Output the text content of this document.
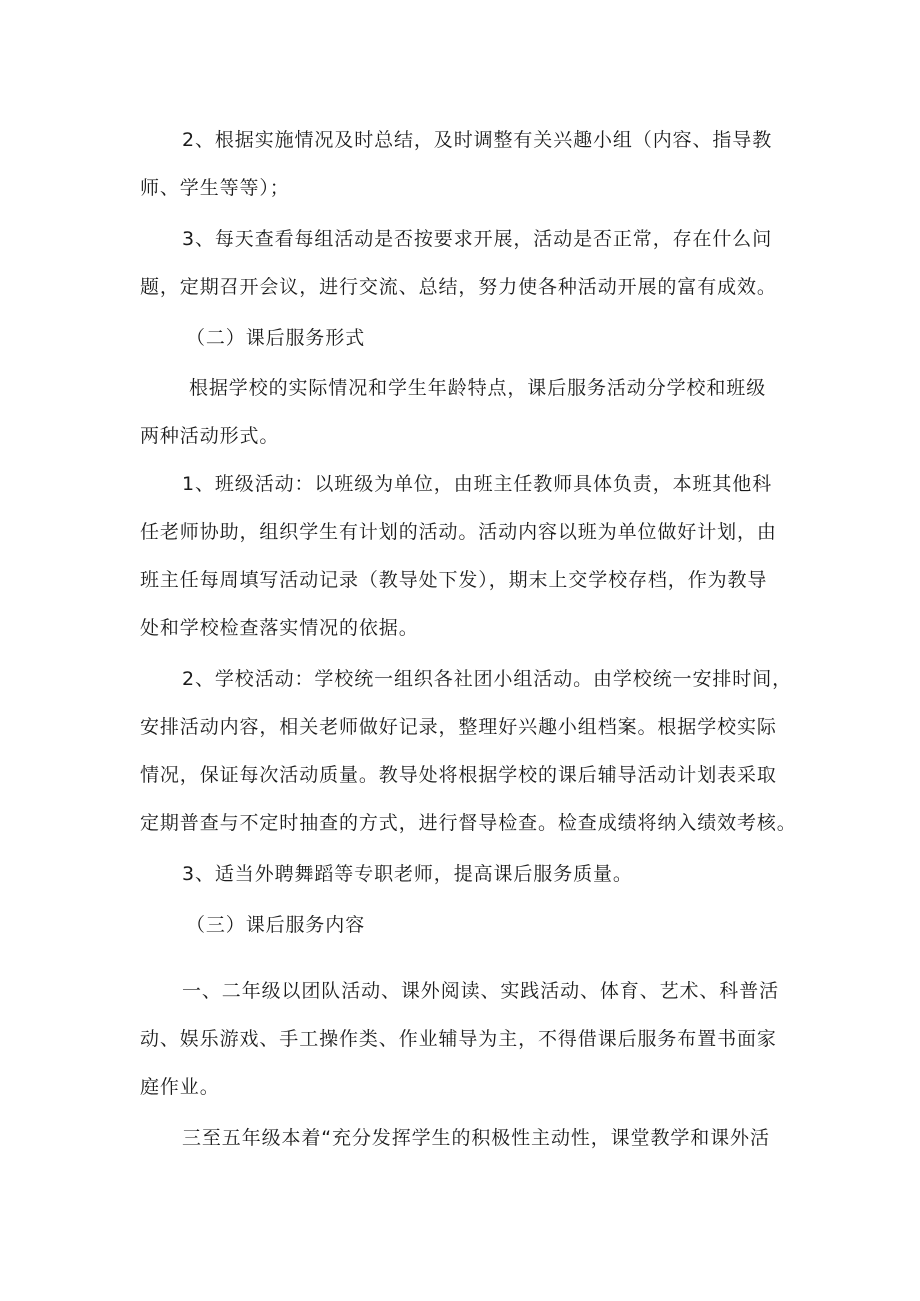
2、根据实施情况及时总结，及时调整有关兴趣小组（内容、指导教

师、学生等等）；

3、每天查看每组活动是否按要求开展，活动是否正常，存在什么问

题，定期召开会议，进行交流、总结，努力使各种活动开展的富有成效。

（二）课后服务形式

根据学校的实际情况和学生年龄特点，课后服务活动分学校和班级

两种活动形式。

1、班级活动：以班级为单位，由班主任教师具体负责，本班其他科

任老师协助，组织学生有计划的活动。活动内容以班为单位做好计划，由

班主任每周填写活动记录（教导处下发），期末上交学校存档，作为教导

处和学校检查落实情况的依据。

2、学校活动：学校统一组织各社团小组活动。由学校统一安排时间，

安排活动内容，相关老师做好记录，整理好兴趣小组档案。根据学校实际

情况，保证每次活动质量。教导处将根据学校的课后辅导活动计划表采取

定期普查与不定时抽查的方式，进行督导检查。检查成绩将纳入绩效考核。

3、适当外聘舞蹈等专职老师，提高课后服务质量。

（三）课后服务内容

一、二年级以团队活动、课外阅读、实践活动、体育、艺术、科普活

动、娱乐游戏、手工操作类、作业辅导为主，不得借课后服务布置书面家

庭作业。

三至五年级本着“充分发挥学生的积极性主动性，课堂教学和课外活
